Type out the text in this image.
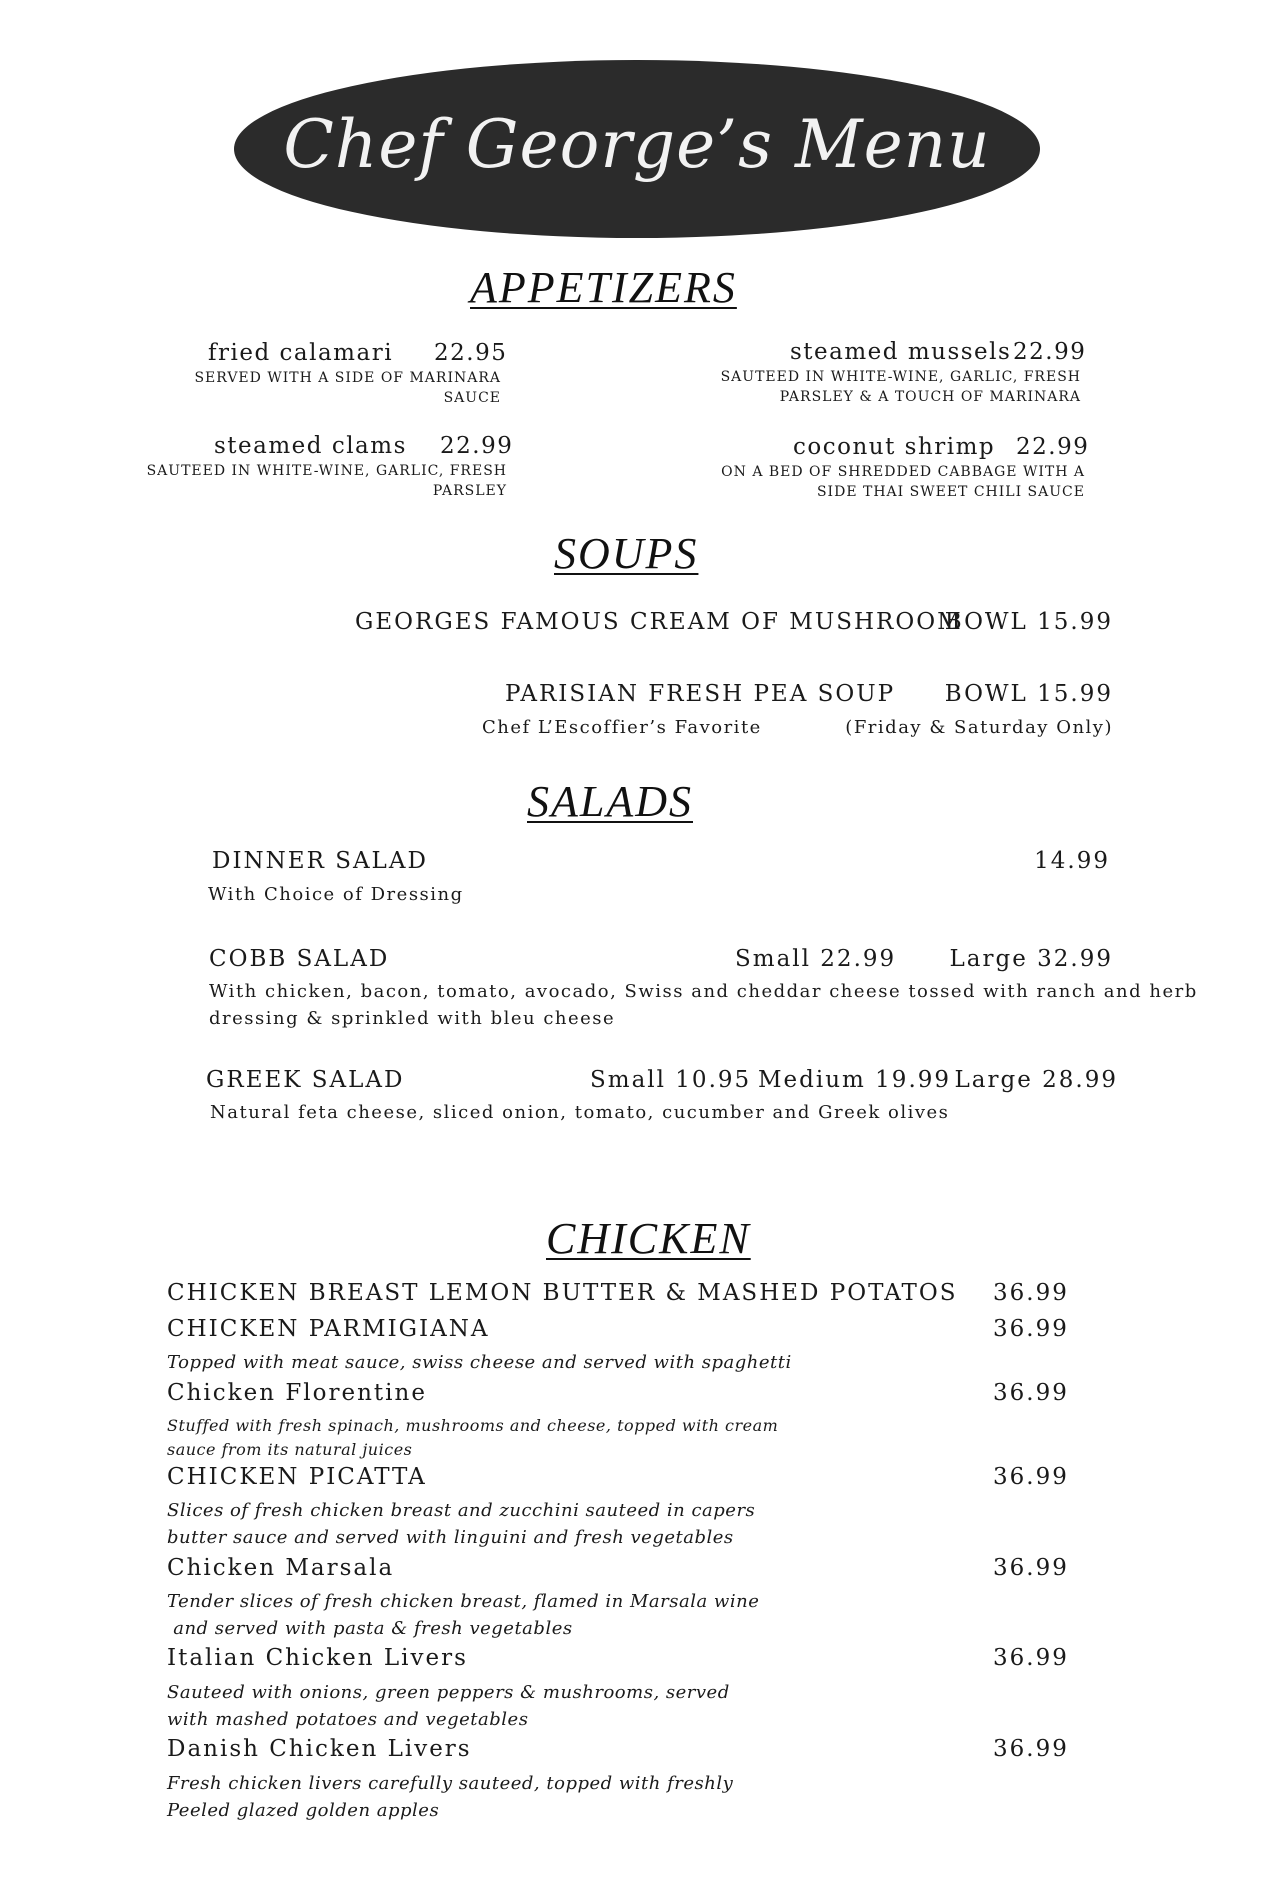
Chef George’s Menu
APPETIZERS
fried calamari 22.95
SERVED WITH A SIDE OF MARINARA
SAUCE
steamed mussels 22.99
SAUTEED IN WHITE-WINE, GARLIC, FRESH
PARSLEY & A TOUCH OF MARINARA
steamed clams 22.99
SAUTEED IN WHITE-WINE, GARLIC, FRESH
PARSLEY
coconut shrimp 22.99
ON A BED OF SHREDDED CABBAGE WITH A
SIDE THAI SWEET CHILI SAUCE
SOUPS
GEORGES FAMOUS CREAM OF MUSHROOM
BOWL 15.99
PARISIAN FRESH PEA SOUP BOWL 15.99
Chef L’Escoffier’s Favorite	(Friday & Saturday Only)
SALADS
DINNER SALAD	14.99
With Choice of Dressing
COBB SALAD	Small 22.99 Large 32.99
With chicken, bacon, tomato, avocado, Swiss and cheddar cheese tossed with ranch and herb
dressing & sprinkled with bleu cheese
GREEK SALAD	Small 10.95 Medium 19.99 Large 28.99
Natural feta cheese, sliced onion, tomato, cucumber and Greek olives
CHICKEN
CHICKEN BREAST LEMON BUTTER & MASHED POTATOS 36.99
CHICKEN PARMIGIANA	36.99
Topped with meat sauce, swiss cheese and served with spaghetti
Chicken Florentine	36.99
Stuffed with fresh spinach, mushrooms and cheese, topped with cream
sauce from its natural juices
CHICKEN PICATTA	36.99
Slices of fresh chicken breast and zucchini sauteed in capers
butter sauce and served with linguini and fresh vegetables
Chicken Marsala	36.99
Tender slices of fresh chicken breast, flamed in Marsala wine
and served with pasta & fresh vegetables
Italian Chicken Livers	36.99
Sauteed with onions, green peppers & mushrooms, served
with mashed potatoes and vegetables
Danish Chicken Livers	36.99
Fresh chicken livers carefully sauteed, topped with freshly
Peeled glazed golden apples
